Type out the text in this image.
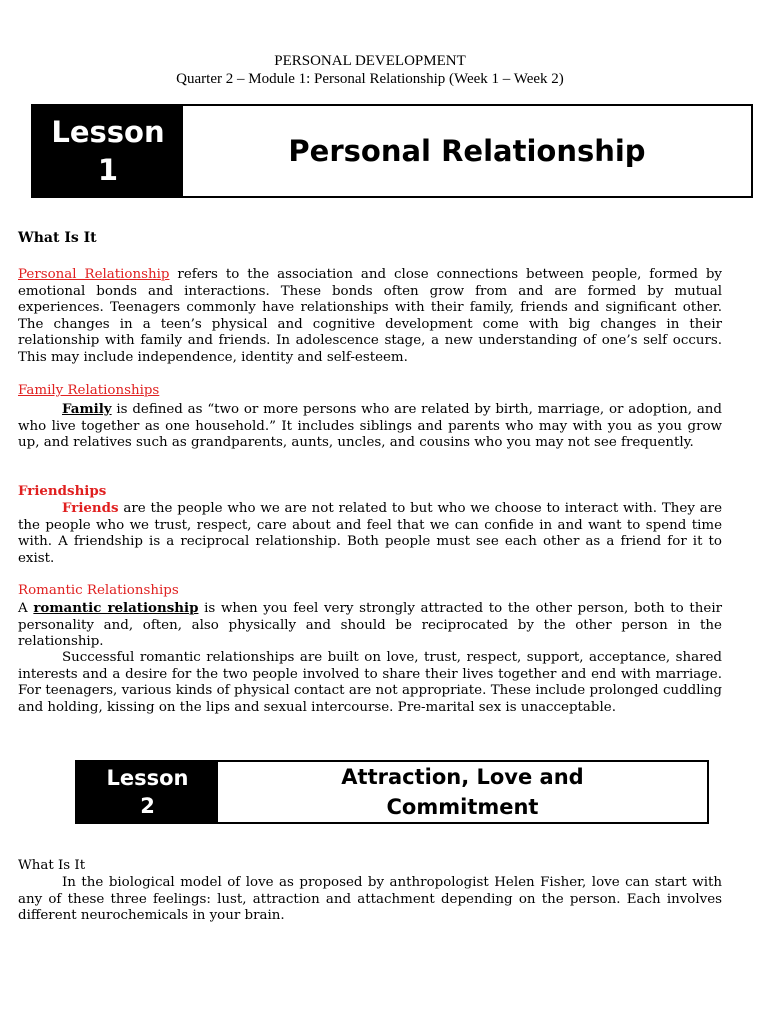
PERSONAL DEVELOPMENT
Quarter 2 – Module 1: Personal Relationship (Week 1 – Week 2)
Lesson
1
Personal Relationship
What Is It

Personal Relationship refers to the association and close connections between people, formed by emotional bonds and interactions. These bonds often grow from and are formed by mutual experiences. Teenagers commonly have relationships with their family, friends and significant other. The changes in a teen’s physical and cognitive development come with big changes in their relationship with family and friends. In adolescence stage, a new understanding of one’s self occurs. This may include independence, identity and self-esteem.

Family Relationships

Family is defined as “two or more persons who are related by birth, marriage, or adoption, and who live together as one household.” It includes siblings and parents who may with you as you grow up, and relatives such as grandparents, aunts, uncles, and cousins who you may not see frequently.

Friendships

Friends are the people who we are not related to but who we choose to interact with. They are the people who we trust, respect, care about and feel that we can confide in and want to spend time with. A friendship is a reciprocal relationship. Both people must see each other as a friend for it to exist.

Romantic Relationships

A romantic relationship is when you feel very strongly attracted to the other person, both to their personality and, often, also physically and should be reciprocated by the other person in the relationship.

Successful romantic relationships are built on love, trust, respect, support, acceptance, shared interests and a desire for the two people involved to share their lives together and end with marriage. For teenagers, various kinds of physical contact are not appropriate. These include prolonged cuddling and holding, kissing on the lips and sexual intercourse. Pre-marital sex is unacceptable.

Lesson
2
Attraction, Love and
Commitment
What Is It

In the biological model of love as proposed by anthropologist Helen Fisher, love can start with any of these three feelings: lust, attraction and attachment depending on the person. Each involves different neurochemicals in your brain.
